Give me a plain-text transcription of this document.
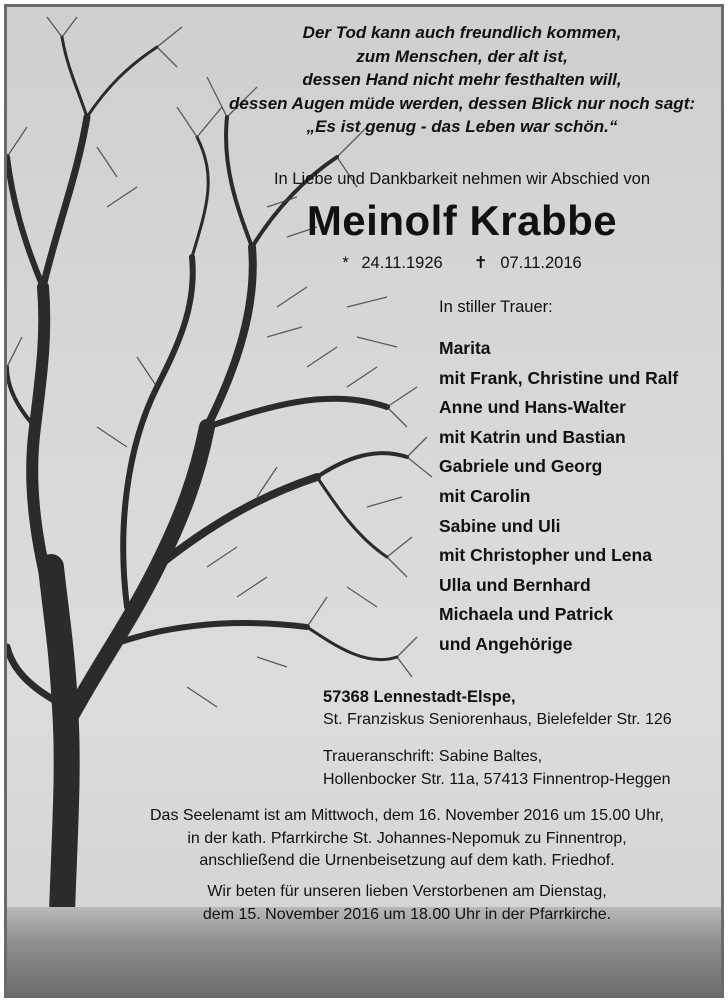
Der Tod kann auch freundlich kommen,
zum Menschen, der alt ist,
dessen Hand nicht mehr festhalten will,
dessen Augen müde werden, dessen Blick nur noch sagt:
„Es ist genug - das Leben war schön.“
In Liebe und Dankbarkeit nehmen wir Abschied von
Meinolf Krabbe
* 24.11.1926 ✝ 07.11.2016
In stiller Trauer:
Marita
mit Frank, Christine und Ralf
Anne und Hans-Walter
mit Katrin und Bastian
Gabriele und Georg
mit Carolin
Sabine und Uli
mit Christopher und Lena
Ulla und Bernhard
Michaela und Patrick
und Angehörige
57368 Lennestadt-Elspe,
St. Franziskus Seniorenhaus, Bielefelder Str. 126
Traueranschrift: Sabine Baltes,
Hollenbocker Str. 11a, 57413 Finnentrop-Heggen
Das Seelenamt ist am Mittwoch, dem 16. November 2016 um 15.00 Uhr,
in der kath. Pfarrkirche St. Johannes-Nepomuk zu Finnentrop,
anschließend die Urnenbeisetzung auf dem kath. Friedhof.
Wir beten für unseren lieben Verstorbenen am Dienstag,
dem 15. November 2016 um 18.00 Uhr in der Pfarrkirche.
